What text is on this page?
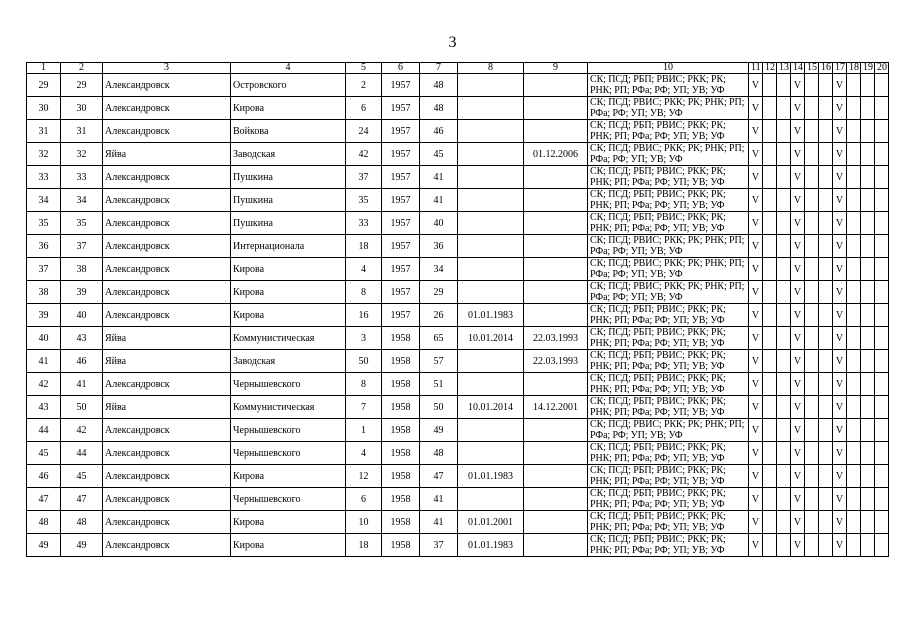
3
1	2	3	4	5	6	7	8	9	10	11	12	13	14	15	16	17	18	19	20
29	29	Александровск	Островского	2	1957	48			СК; ПСД; РБП; РВИС; РКК; РК; РНК; РП; РФа; РФ; УП; УВ; УФ	V			V			V			
30	30	Александровск	Кирова	6	1957	48			СК; ПСД; РВИС; РКК; РК; РНК; РП; РФа; РФ; УП; УВ; УФ	V			V			V			
31	31	Александровск	Войкова	24	1957	46			СК; ПСД; РБП; РВИС; РКК; РК; РНК; РП; РФа; РФ; УП; УВ; УФ	V			V			V			
32	32	Яйва	Заводская	42	1957	45		01.12.2006	СК; ПСД; РВИС; РКК; РК; РНК; РП; РФа; РФ; УП; УВ; УФ	V			V			V			
33	33	Александровск	Пушкина	37	1957	41			СК; ПСД; РБП; РВИС; РКК; РК; РНК; РП; РФа; РФ; УП; УВ; УФ	V			V			V			
34	34	Александровск	Пушкина	35	1957	41			СК; ПСД; РБП; РВИС; РКК; РК; РНК; РП; РФа; РФ; УП; УВ; УФ	V			V			V			
35	35	Александровск	Пушкина	33	1957	40			СК; ПСД; РБП; РВИС; РКК; РК; РНК; РП; РФа; РФ; УП; УВ; УФ	V			V			V			
36	37	Александровск	Интернационала	18	1957	36			СК; ПСД; РВИС; РКК; РК; РНК; РП; РФа; РФ; УП; УВ; УФ	V			V			V			
37	38	Александровск	Кирова	4	1957	34			СК; ПСД; РВИС; РКК; РК; РНК; РП; РФа; РФ; УП; УВ; УФ	V			V			V			
38	39	Александровск	Кирова	8	1957	29			СК; ПСД; РВИС; РКК; РК; РНК; РП; РФа; РФ; УП; УВ; УФ	V			V			V			
39	40	Александровск	Кирова	16	1957	26	01.01.1983		СК; ПСД; РБП; РВИС; РКК; РК; РНК; РП; РФа; РФ; УП; УВ; УФ	V			V			V			
40	43	Яйва	Коммунистическая	3	1958	65	10.01.2014	22.03.1993	СК; ПСД; РБП; РВИС; РКК; РК; РНК; РП; РФа; РФ; УП; УВ; УФ	V			V			V			
41	46	Яйва	Заводская	50	1958	57		22.03.1993	СК; ПСД; РБП; РВИС; РКК; РК; РНК; РП; РФа; РФ; УП; УВ; УФ	V			V			V			
42	41	Александровск	Чернышевского	8	1958	51			СК; ПСД; РБП; РВИС; РКК; РК; РНК; РП; РФа; РФ; УП; УВ; УФ	V			V			V			
43	50	Яйва	Коммунистическая	7	1958	50	10.01.2014	14.12.2001	СК; ПСД; РБП; РВИС; РКК; РК; РНК; РП; РФа; РФ; УП; УВ; УФ	V			V			V			
44	42	Александровск	Чернышевского	1	1958	49			СК; ПСД; РВИС; РКК; РК; РНК; РП; РФа; РФ; УП; УВ; УФ	V			V			V			
45	44	Александровск	Чернышевского	4	1958	48			СК; ПСД; РБП; РВИС; РКК; РК; РНК; РП; РФа; РФ; УП; УВ; УФ	V			V			V			
46	45	Александровск	Кирова	12	1958	47	01.01.1983		СК; ПСД; РБП; РВИС; РКК; РК; РНК; РП; РФа; РФ; УП; УВ; УФ	V			V			V			
47	47	Александровск	Чернышевского	6	1958	41			СК; ПСД; РБП; РВИС; РКК; РК; РНК; РП; РФа; РФ; УП; УВ; УФ	V			V			V			
48	48	Александровск	Кирова	10	1958	41	01.01.2001		СК; ПСД; РБП; РВИС; РКК; РК; РНК; РП; РФа; РФ; УП; УВ; УФ	V			V			V			
49	49	Александровск	Кирова	18	1958	37	01.01.1983		СК; ПСД; РБП; РВИС; РКК; РК; РНК; РП; РФа; РФ; УП; УВ; УФ	V			V			V			
